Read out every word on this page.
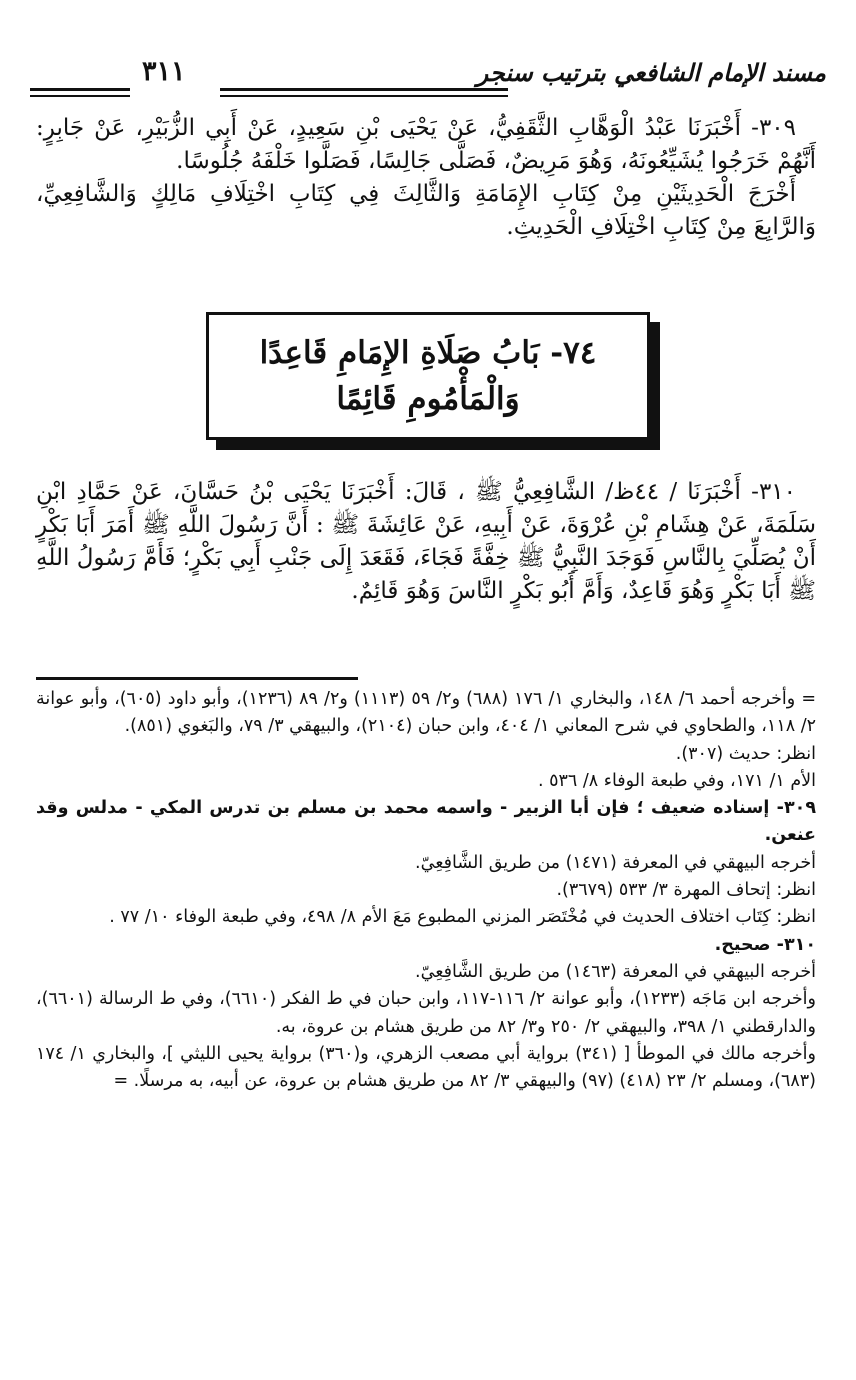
مسند الإمام الشافعي بترتيب سنجر
٣١١

٣٠٩- أَخْبَرَنَا عَبْدُ الْوَهَّابِ الثَّقَفِيُّ، عَنْ يَحْيَى بْنِ سَعِيدٍ، عَنْ أَبِي الزُّبَيْرِ، عَنْ جَابِرٍ: أَنَّهُمْ خَرَجُوا يُشَيِّعُونَهُ، وَهُوَ مَرِيضٌ، فَصَلَّى جَالِسًا، فَصَلَّوا خَلْفَهُ جُلُوسًا.

أَخْرَجَ الْحَدِيثَيْنِ مِنْ كِتَابِ الإِمَامَةِ وَالثَّالِثَ فِي كِتَابِ اخْتِلَافِ مَالِكٍ وَالشَّافِعِيِّ، وَالرَّابِعَ مِنْ كِتَابِ اخْتِلَافِ الْحَدِيثِ.

٧٤- بَابُ صَلَاةِ الإِمَامِ قَاعِدًا وَالْمَأْمُومِ قَائِمًا

٣١٠- أَخْبَرَنَا / ٤٤ظ/ الشَّافِعِيُّ ﷺ ، قَالَ: أَخْبَرَنَا يَحْيَى بْنُ حَسَّانَ، عَنْ حَمَّادِ ابْنِ سَلَمَةَ، عَنْ هِشَامِ بْنِ عُرْوَةَ، عَنْ أَبِيهِ، عَنْ عَائِشَةَ ﷺ : أَنَّ رَسُولَ اللَّهِ ﷺ أَمَرَ أَبَا بَكْرٍ أَنْ يُصَلِّيَ بِالنَّاسِ فَوَجَدَ النَّبِيُّ ﷺ خِفَّةً فَجَاءَ، فَقَعَدَ إِلَى جَنْبِ أَبِي بَكْرٍ؛ فَأَمَّ رَسُولُ اللَّهِ ﷺ أَبَا بَكْرٍ وَهُوَ قَاعِدٌ، وَأَمَّ أَبُو بَكْرٍ النَّاسَ وَهُوَ قَائِمٌ.

= وأخرجه أحمد ٦/ ١٤٨، والبخاري ١/ ١٧٦ (٦٨٨) و٢/ ٥٩ (١١١٣) و٢/ ٨٩ (١٢٣٦)، وأبو داود (٦٠٥)، وأبو عوانة ٢/ ١١٨، والطحاوي في شرح المعاني ١/ ٤٠٤، وابن حبان (٢١٠٤)، والبيهقي ٣/ ٧٩، والبَغوي (٨٥١).

انظر: حديث (٣٠٧).

الأم ١/ ١٧١، وفي طبعة الوفاء ٨/ ٥٣٦ .

٣٠٩- إسناده ضعيف ؛ فإن أبا الزبير - واسمه محمد بن مسلم بن تدرس المكي - مدلس وقد عنعن.

أخرجه البيهقي في المعرفة (١٤٧١) من طريق الشَّافِعِيّ.

انظر: إتحاف المهرة ٣/ ٥٣٣ (٣٦٧٩).

انظر: كِتَاب اختلاف الحديث في مُخْتَصَر المزني المطبوع مَعَ الأم ٨/ ٤٩٨، وفي طبعة الوفاء ١٠/ ٧٧ .

٣١٠- صحيح.

أخرجه البيهقي في المعرفة (١٤٦٣) من طريق الشَّافِعِيّ.

وأخرجه ابن مَاجَه (١٢٣٣)، وأبو عوانة ٢/ ١١٦-١١٧، وابن حبان في ط الفكر (٦٦١٠)، وفي ط الرسالة (٦٦٠١)، والدارقطني ١/ ٣٩٨، والبيهقي ٢/ ٢٥٠ و٣/ ٨٢ من طريق هشام بن عروة، به.

وأخرجه مالك في الموطأ [ (٣٤١) برواية أبي مصعب الزهري، و(٣٦٠) برواية يحيى الليثي ]، والبخاري ١/ ١٧٤ (٦٨٣)، ومسلم ٢/ ٢٣ (٤١٨) (٩٧) والبيهقي ٣/ ٨٢ من طريق هشام بن عروة، عن أبيه، به مرسلًا. =
